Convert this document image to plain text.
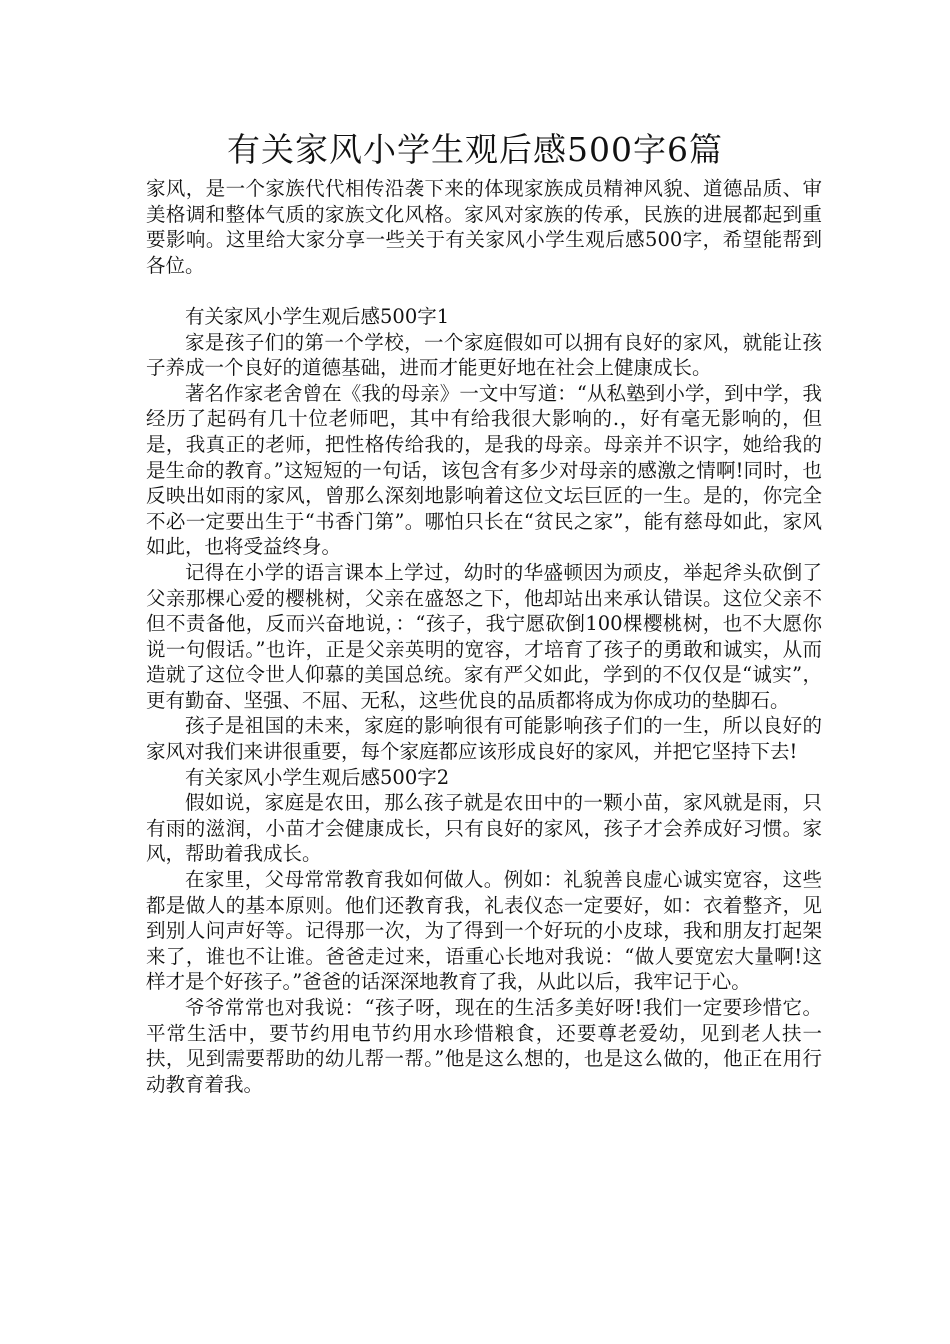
有关家风小学生观后感500字6篇

家风，是一个家族代代相传沿袭下来的体现家族成员精神风貌、道德品质、审美格调和整体气质的家族文化风格。家风对家族的传承，民族的进展都起到重要影响。这里给大家分享一些关于有关家风小学生观后感500字，希望能帮到各位。

有关家风小学生观后感500字1

家是孩子们的第一个学校，一个家庭假如可以拥有良好的家风，就能让孩子养成一个良好的道德基础，进而才能更好地在社会上健康成长。

著名作家老舍曾在《我的母亲》一文中写道：“从私塾到小学，到中学，我经历了起码有几十位老师吧，其中有给我很大影响的.，好有毫无影响的，但是，我真正的老师，把性格传给我的，是我的母亲。母亲并不识字，她给我的是生命的教育。”这短短的一句话，该包含有多少对母亲的感激之情啊!同时，也反映出如雨的家风，曾那么深刻地影响着这位文坛巨匠的一生。是的，你完全不必一定要出生于“书香门第”。哪怕只长在“贫民之家”，能有慈母如此，家风如此，也将受益终身。

记得在小学的语言课本上学过，幼时的华盛顿因为顽皮，举起斧头砍倒了父亲那棵心爱的樱桃树，父亲在盛怒之下，他却站出来承认错误。这位父亲不但不责备他，反而兴奋地说，：“孩子，我宁愿砍倒100棵樱桃树，也不大愿你说一句假话。”也许，正是父亲英明的宽容，才培育了孩子的勇敢和诚实，从而造就了这位令世人仰慕的美国总统。家有严父如此，学到的不仅仅是“诚实”，更有勤奋、坚强、不屈、无私，这些优良的品质都将成为你成功的垫脚石。

孩子是祖国的未来，家庭的影响很有可能影响孩子们的一生，所以良好的家风对我们来讲很重要，每个家庭都应该形成良好的家风，并把它坚持下去!

有关家风小学生观后感500字2

假如说，家庭是农田，那么孩子就是农田中的一颗小苗，家风就是雨，只有雨的滋润，小苗才会健康成长，只有良好的家风，孩子才会养成好习惯。家风，帮助着我成长。

在家里，父母常常教育我如何做人。例如：礼貌善良虚心诚实宽容，这些都是做人的基本原则。他们还教育我，礼表仪态一定要好，如：衣着整齐，见到别人问声好等。记得那一次，为了得到一个好玩的小皮球，我和朋友打起架来了，谁也不让谁。爸爸走过来，语重心长地对我说：“做人要宽宏大量啊!这样才是个好孩子。”爸爸的话深深地教育了我，从此以后，我牢记于心。

爷爷常常也对我说：“孩子呀，现在的生活多美好呀!我们一定要珍惜它。平常生活中，要节约用电节约用水珍惜粮食，还要尊老爱幼，见到老人扶一扶，见到需要帮助的幼儿帮一帮。”他是这么想的，也是这么做的，他正在用行动教育着我。
